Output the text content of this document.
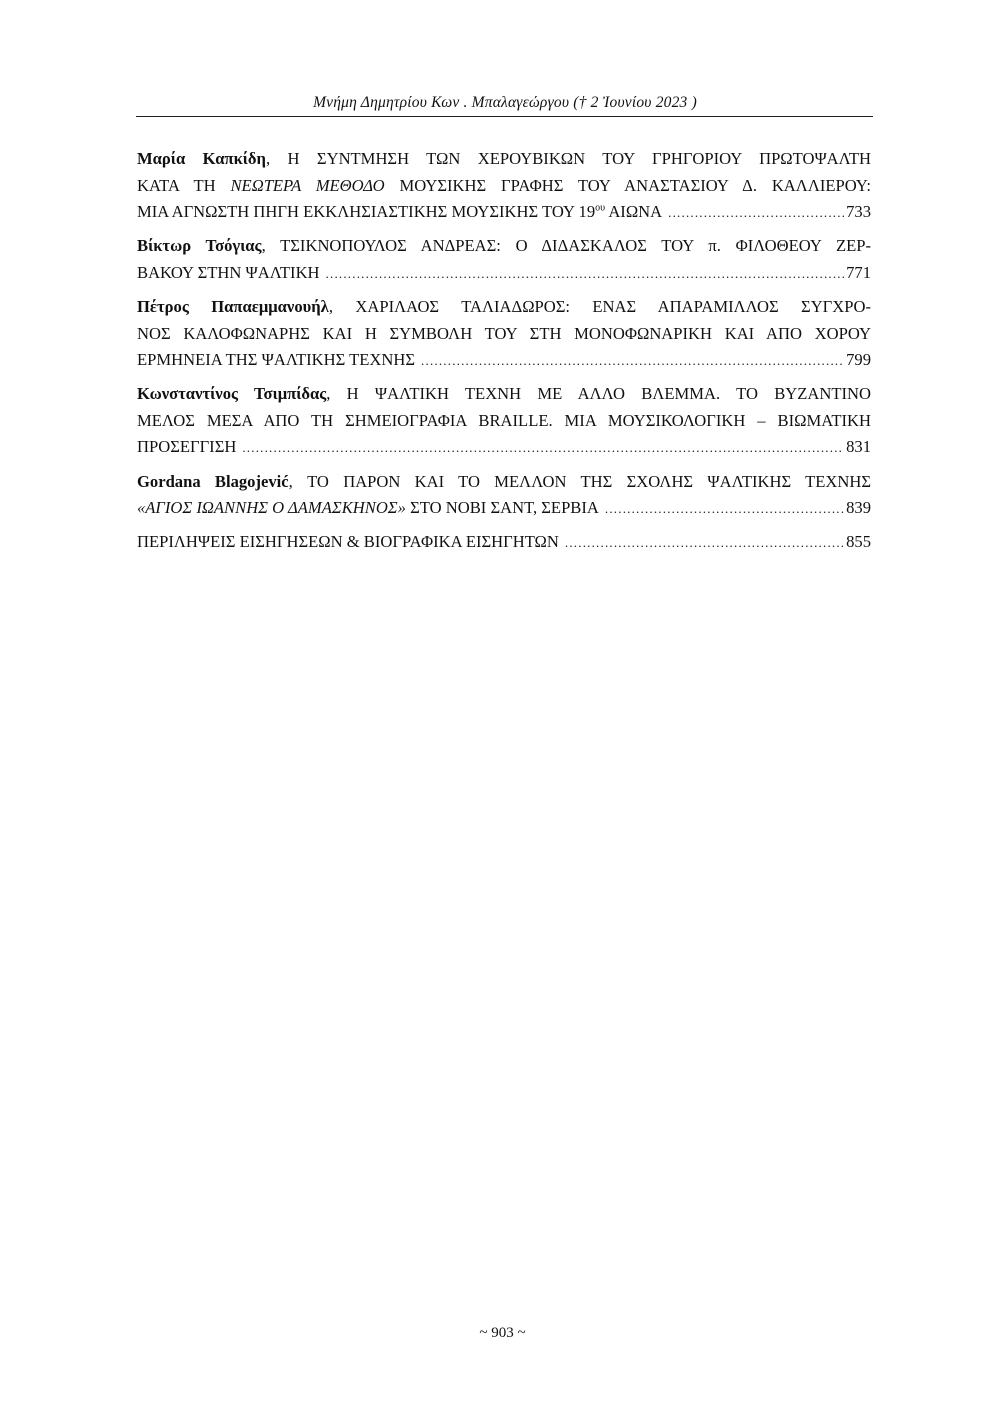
Μνήμη Δημητρίου Κων . Μπαλαγεώργου († 2 Ἰουνίου 2023 )
Μαρία Καπκίδη, Η ΣΥΝΤΜΗΣΗ ΤΩΝ ΧΕΡΟΥΒΙΚΩΝ ΤΟΥ ΓΡΗΓΟΡΙΟΥ ΠΡΩΤΟΨΑΛΤΗ
ΚΑΤΑ ΤΗ ΝΕΩΤΕΡΑ ΜΕΘΟΔΟ ΜΟΥΣΙΚΗΣ ΓΡΑΦΗΣ ΤΟΥ ΑΝΑΣΤΑΣΙΟΥ Δ. ΚΑΛΛΙΕΡΟΥ:
ΜΙΑ ΑΓΝΩΣΤΗ ΠΗΓΗ ΕΚΚΛΗΣΙΑΣΤΙΚΗΣ ΜΟΥΣΙΚΗΣ ΤΟΥ $19^{o\upsilon}$ ΑΙΩΝΑ .....	733
Βίκτωρ Τσόγιας, ΤΣΙΚΝΟΠΟΥΛΟΣ ΑΝΔΡΕΑΣ: Ο ΔΙΔΑΣΚΑΛΟΣ ΤΟΥ π. ΦΙΛΟΘΕΟΥ ΖΕΡ-
ΒΑΚΟΥ ΣΤΗΝ ΨΑΛΤΙΚΗ .....	771
Πέτρος Παπαεμμανουήλ, ΧΑΡΙΛΑΟΣ ΤΑΛΙΑΔΩΡΟΣ: ΕΝΑΣ ΑΠΑΡΑΜΙΛΛΟΣ ΣΥΓΧΡΟ-
ΝΟΣ ΚΑΛΟΦΩΝΑΡΗΣ ΚΑΙ Η ΣΥΜΒΟΛΗ ΤΟΥ ΣΤΗ ΜΟΝΟΦΩΝΑΡΙΚΗ ΚΑΙ ΑΠΟ ΧΟΡΟΥ
ΕΡΜΗΝΕΙΑ ΤΗΣ ΨΑΛΤΙΚΗΣ ΤΕΧΝΗΣ .....	799
Κωνσταντίνος Τσιμπίδας, Η ΨΑΛΤΙΚΗ ΤΕΧΝΗ ΜΕ ΑΛΛΟ ΒΛΕΜΜΑ. ΤΟ ΒΥΖΑΝΤΙΝΟ
ΜΕΛΟΣ ΜΕΣΑ ΑΠΟ ΤΗ ΣΗΜΕΙΟΓΡΑΦΙΑ BRAILLE. ΜΙΑ ΜΟΥΣΙΚΟΛΟΓΙΚΗ – ΒΙΩΜΑΤΙΚΗ
ΠΡΟΣΕΓΓΙΣΗ .....	831
Gordana Blagojević, ΤΟ ΠΑΡΟΝ ΚΑΙ ΤΟ ΜΕΛΛΟΝ ΤΗΣ ΣΧΟΛΗΣ ΨΑΛΤΙΚΗΣ ΤΕΧΝΗΣ
«ΑΓΙΟΣ ΙΩΑΝΝΗΣ Ο ΔΑΜΑΣΚΗΝΟΣ» ΣΤΟ ΝΟΒΙ ΣΑΝΤ, ΣΕΡΒΙΑ .....	839
ΠΕΡΙΛΗΨΕΙΣ ΕΙΣΗΓΗΣΕΩΝ & ΒΙΟΓΡΑΦΙΚΑ ΕΙΣΗΓΗΤΩΝ .....	855
~ 903 ~
